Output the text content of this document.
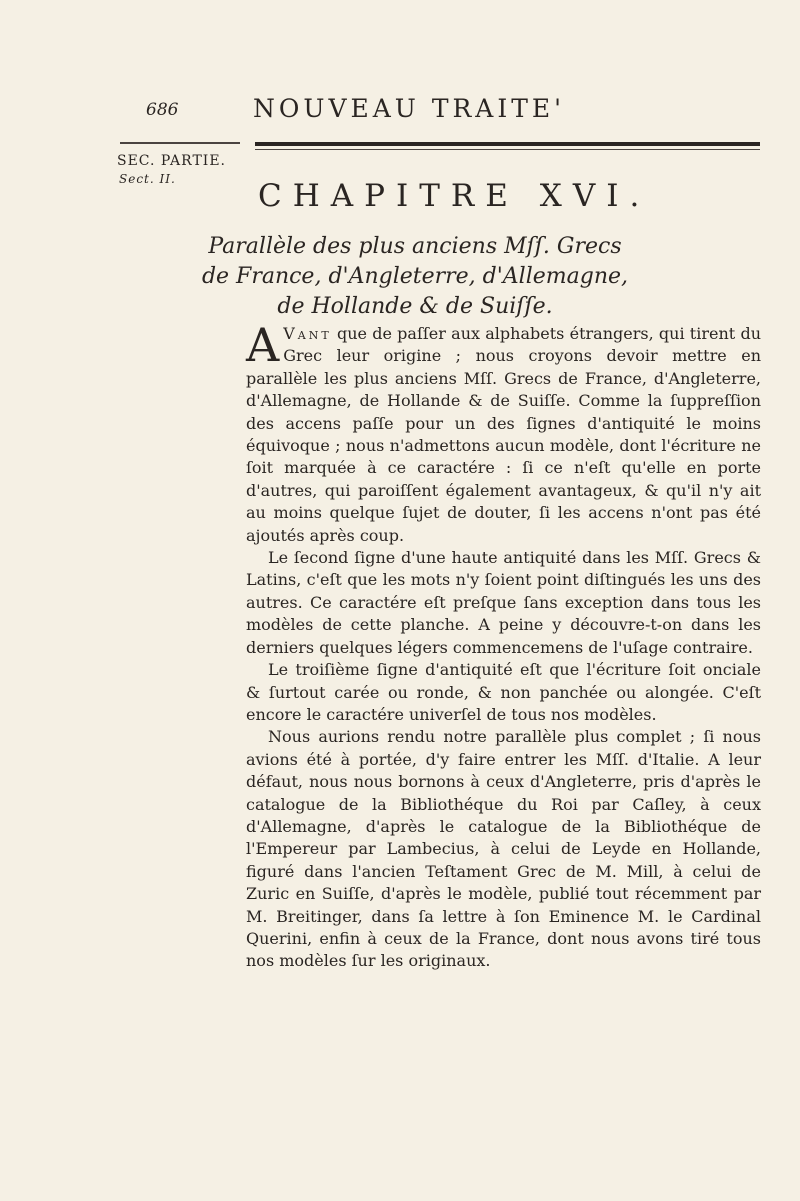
686	NOUVEAU TRAITE'
SEC. PARTIE.
Sect. II.	CHAPITRE XVI.
Parallèle des plus anciens Mſſ. Grecs de France, d'Angleterre, d'Allemagne, de Hollande & de Suiſſe.

A Vant que de paſſer aux alphabets étrangers, qui tirent du Grec leur origine ; nous croyons devoir mettre en parallèle les plus anciens Mſſ. Grecs de France, d'Angleterre, d'Allemagne, de Hollande & de Suiſſe. Comme la ſuppreſſion des accens paſſe pour un des ſignes d'antiquité le moins équivoque ; nous n'admettons aucun modèle, dont l'écriture ne ſoit marquée à ce caractére : ſi ce n'eſt qu'elle en porte d'autres, qui paroiſſent également avantageux, & qu'il n'y ait au moins quelque ſujet de douter, ſi les accens n'ont pas été ajoutés après coup.

Le ſecond ſigne d'une haute antiquité dans les Mſſ. Grecs & Latins, c'eſt que les mots n'y ſoient point diſtingués les uns des autres. Ce caractére eſt preſque ſans exception dans tous les modèles de cette planche. A peine y découvre-t-on dans les derniers quelques légers commencemens de l'uſage contraire.

Le troiſième ſigne d'antiquité eſt que l'écriture ſoit onciale & ſurtout carée ou ronde, & non panchée ou alongée. C'eſt encore le caractére univerſel de tous nos modèles.

Nous aurions rendu notre parallèle plus complet ; ſi nous avions été à portée, d'y faire entrer les Mſſ. d'Italie. A leur défaut, nous nous bornons à ceux d'Angleterre, pris d'après le catalogue de la Bibliothéque du Roi par Caſley, à ceux d'Allemagne, d'après le catalogue de la Bibliothéque de l'Empereur par Lambecius, à celui de Leyde en Hollande, figuré dans l'ancien Teſtament Grec de M. Mill, à celui de Zuric en Suiſſe, d'après le modèle, publié tout récemment par M. Breitinger, dans ſa lettre à ſon Eminence M. le Cardinal Querini, enfin à ceux de la France, dont nous avons tiré tous nos modèles ſur les originaux.
